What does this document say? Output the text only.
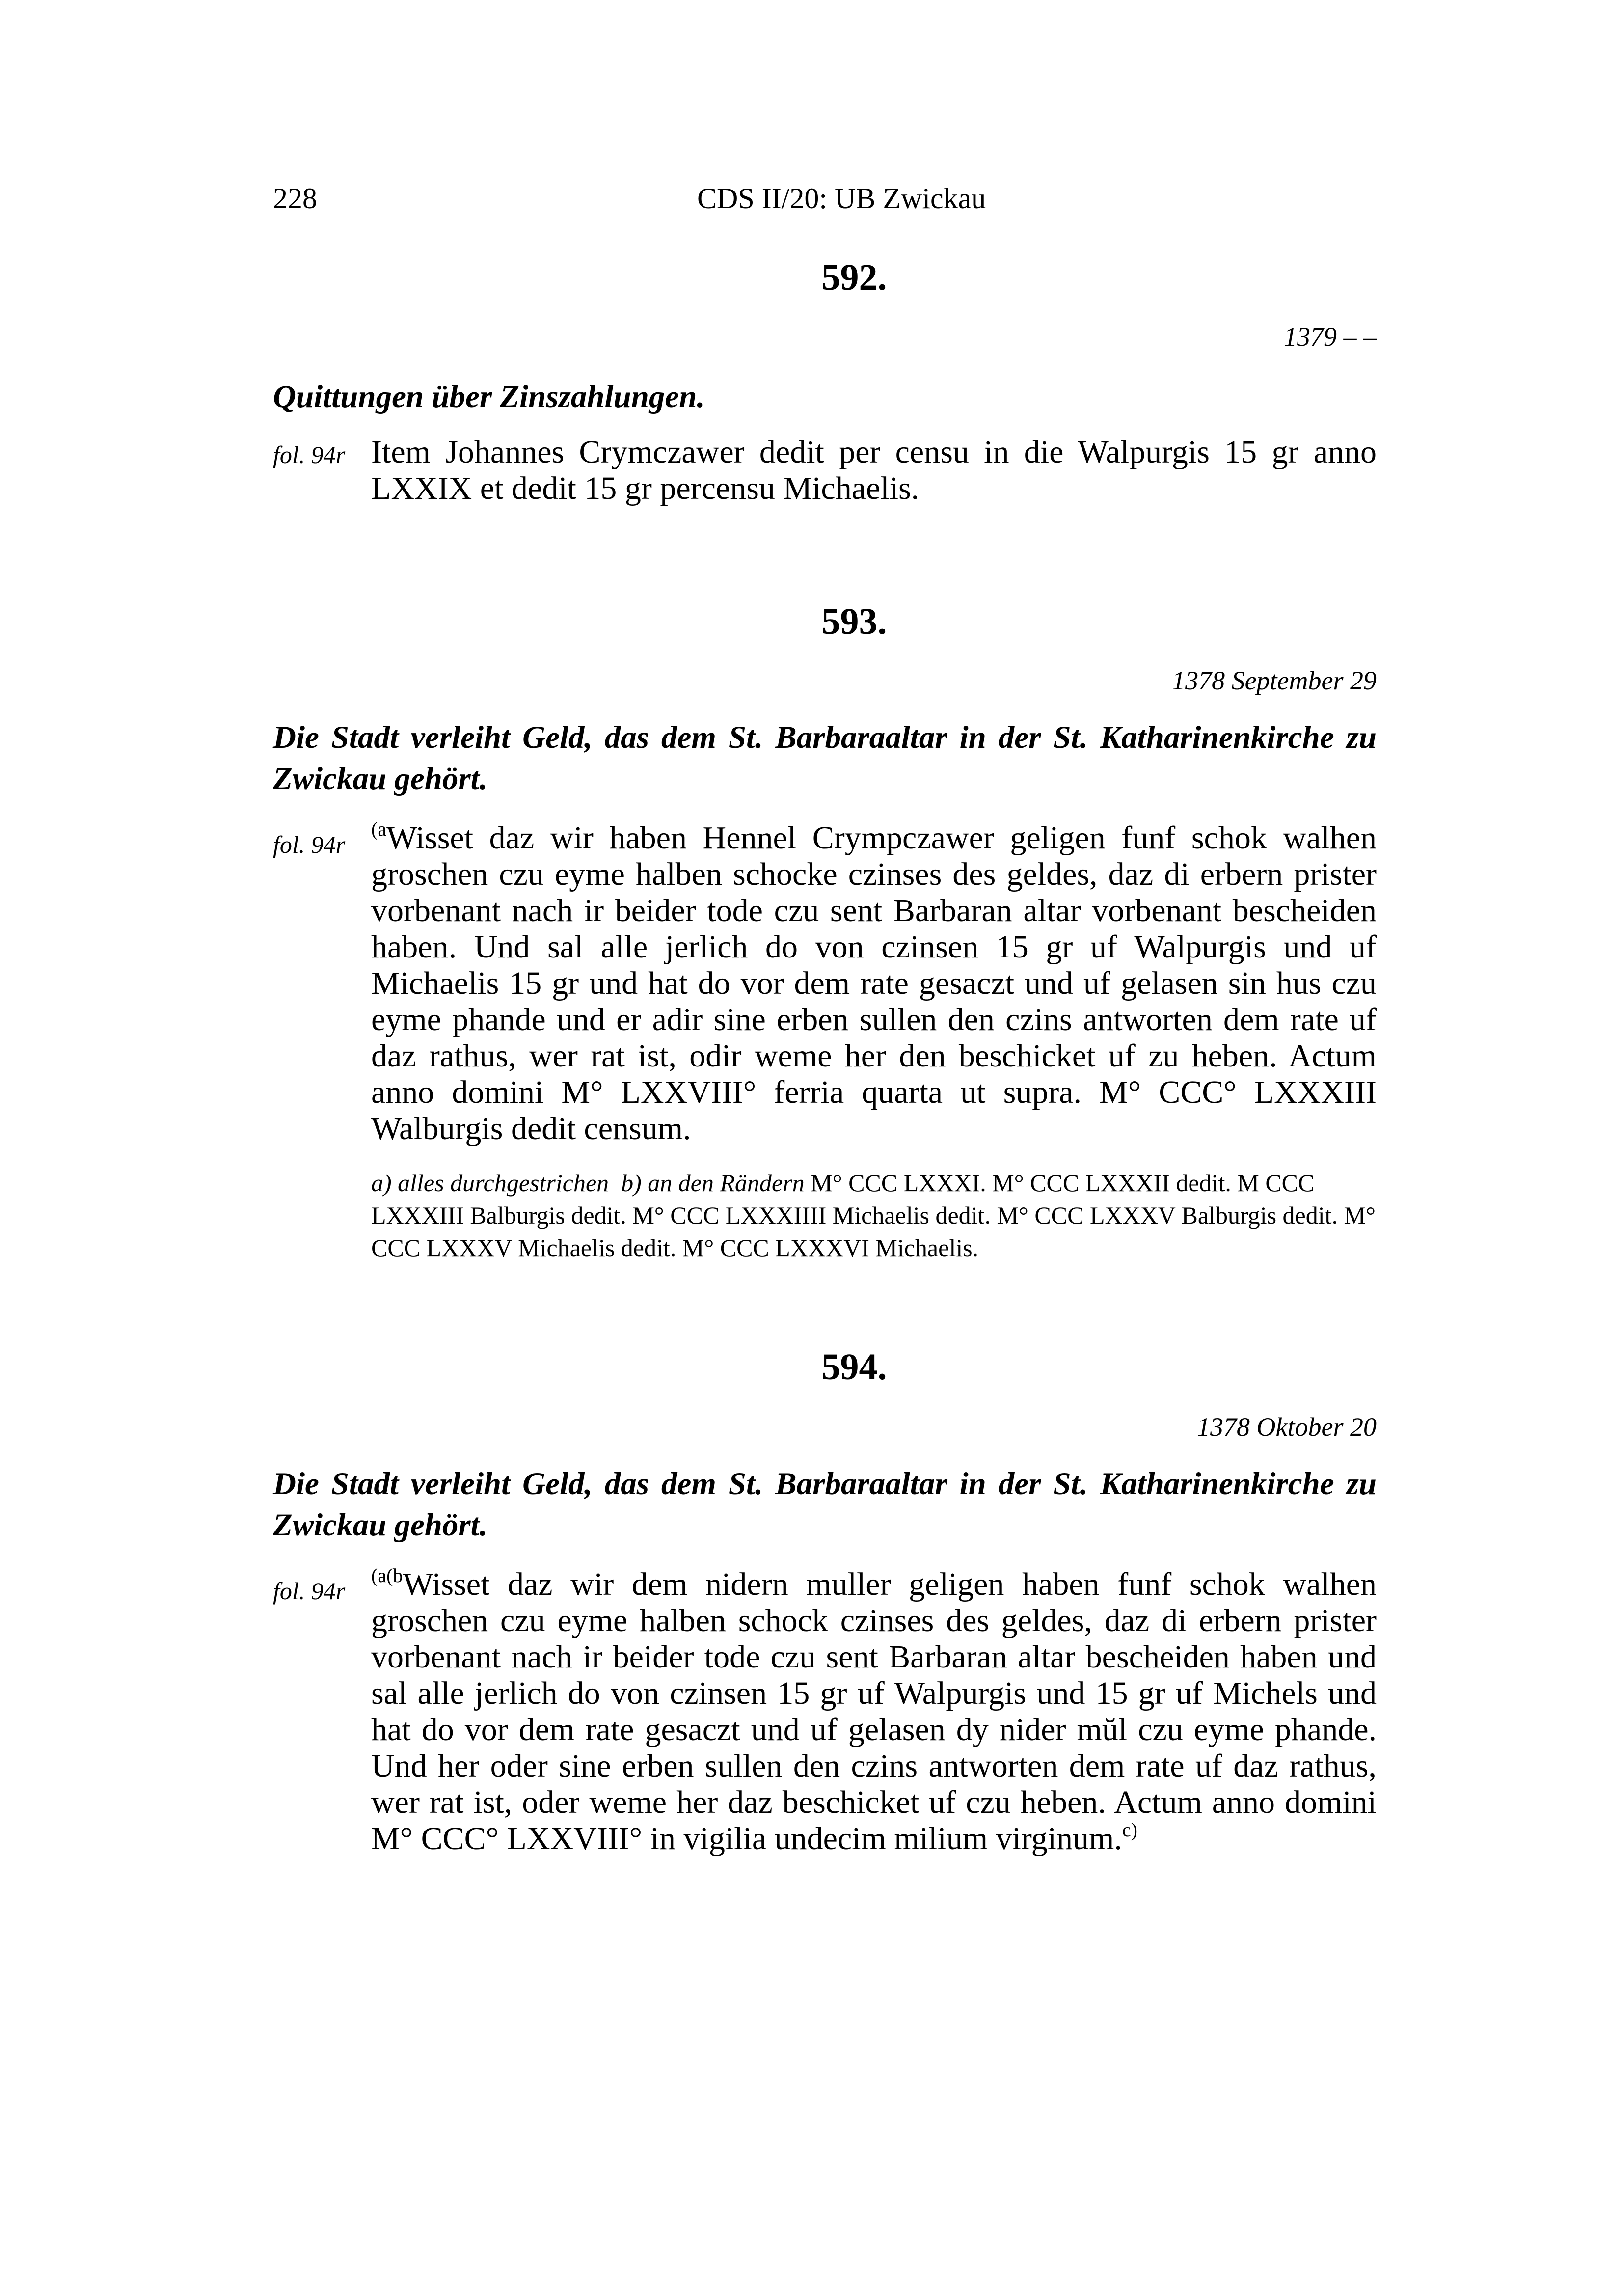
228	CDS II/20: UB Zwickau
592.
1379 – –

Quittungen über Zinszahlungen.

fol. 94r Item Johannes Crymczawer dedit per censu in die Walpurgis 15 gr anno LXXIX et dedit 15 gr percensu Michaelis.

593.
1378 September 29

Die Stadt verleiht Geld, das dem St. Barbaraaltar in der St. Katharinenkirche zu Zwickau gehört.

fol. 94r

$^{(a}$Wisset daz wir haben Hennel Crympczawer geligen funf schok walhen groschen czu eyme halben schocke czinses des geldes, daz di erbern prister vorbenant nach ir beider tode czu sent Barbaran altar vorbenant bescheiden haben. Und sal alle jerlich do von czinsen 15 gr uf Walpurgis und uf Michaelis 15 gr und hat do vor dem rate gesaczt und uf gelasen sin hus czu eyme phande und er adir sine erben sullen den czins antworten dem rate uf daz rathus, wer rat ist, odir weme her den beschicket uf zu heben. Actum anno domini M° LXXVIII° ferria quarta ut supra. M° CCC° LXXXIII Walburgis dedit censum.

a) alles durchgestrichen b) an den Rändern M° CCC LXXXI. M° CCC LXXXII dedit. M CCC LXXXIII Balburgis dedit. M° CCC LXXXIIII Michaelis dedit. M° CCC LXXXV Balburgis dedit. M° CCC LXXXV Michaelis dedit. M° CCC LXXXVI Michaelis.

594.
1378 Oktober 20

Die Stadt verleiht Geld, das dem St. Barbaraaltar in der St. Katharinenkirche zu Zwickau gehört.

fol. 94r

$^{(a(b}$Wisset daz wir dem nidern muller geligen haben funf schok walhen groschen czu eyme halben schock czinses des geldes, daz di erbern prister vorbenant nach ir beider tode czu sent Barbaran altar bescheiden haben und sal alle jerlich do von czinsen 15 gr uf Walpurgis und 15 gr uf Michels und hat do vor dem rate gesaczt und uf gelasen dy nider mŭl czu eyme phande. Und her oder sine erben sullen den czins antworten dem rate uf daz rathus, wer rat ist, oder weme her daz beschicket uf czu heben. Actum anno domini M° CCC° LXXVIII° in vigilia undecim milium virginum.$^{c)}$
